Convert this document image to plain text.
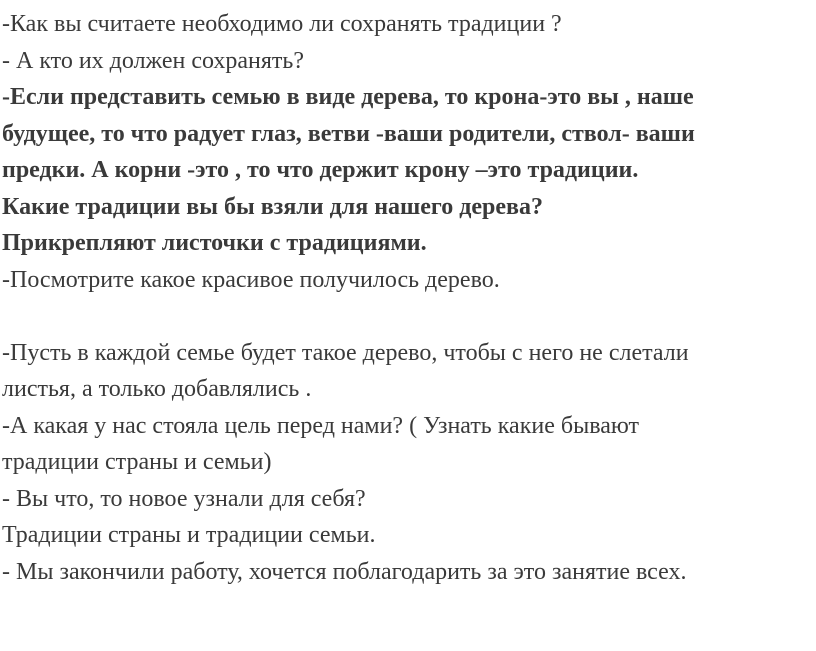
-Как вы считаете необходимо ли сохранять традиции ?
- А кто их должен сохранять?
-Если представить семью в виде дерева, то крона-это вы , наше
будущее, то что радует глаз, ветви -ваши родители, ствол- ваши
предки. А корни -это , то что держит крону –это традиции.
Какие традиции вы бы взяли для нашего дерева?
Прикрепляют листочки с традициями.
-Посмотрите какое красивое получилось дерево.
-Пусть в каждой семье будет такое дерево, чтобы с него не слетали
листья, а только добавлялись .
-А какая у нас стояла цель перед нами? ( Узнать какие бывают
традиции страны и семьи)
- Вы что, то новое узнали для себя?
Традиции страны и традиции семьи.
- Мы закончили работу, хочется поблагодарить за это занятие всех.
